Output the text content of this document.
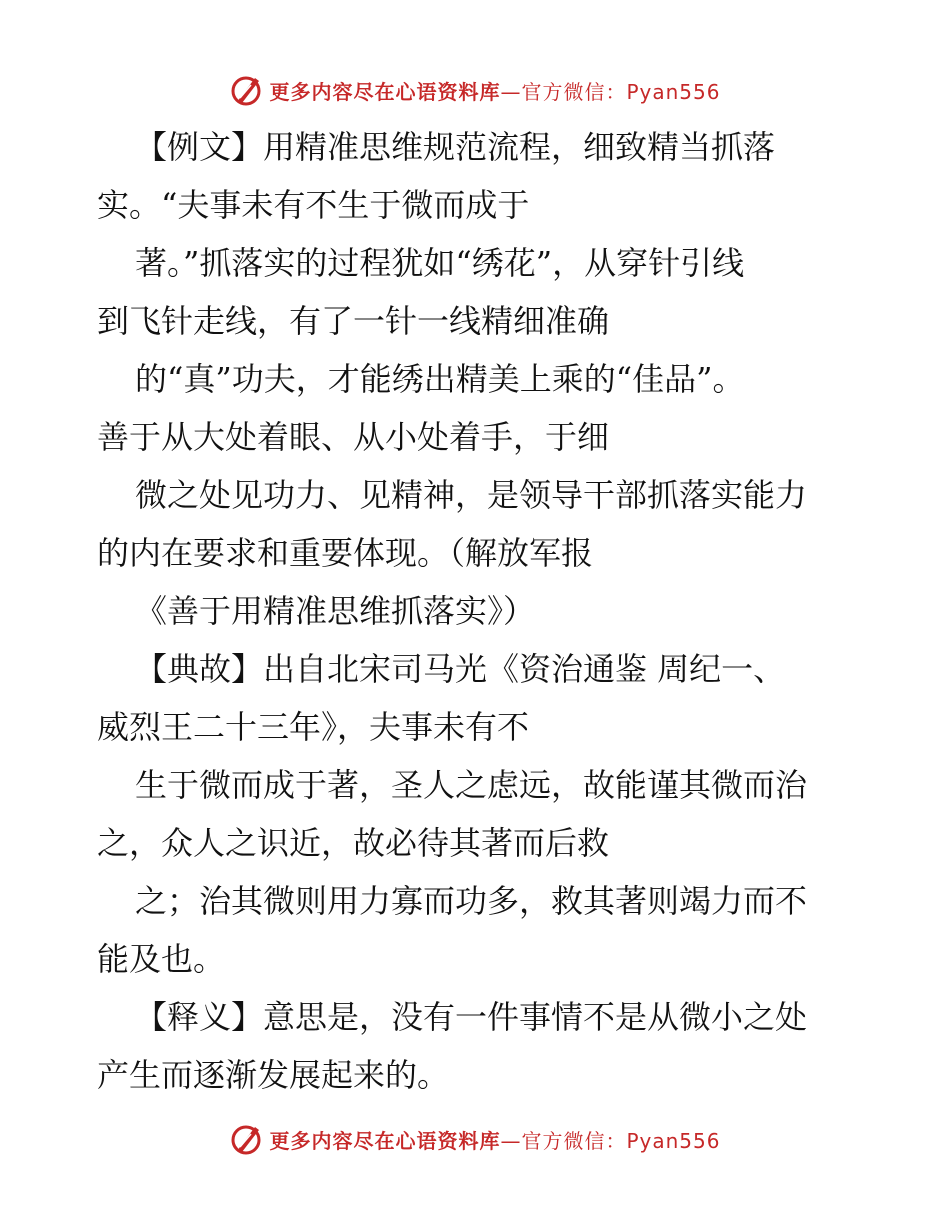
更多内容尽在心语资料库 —官方微信：Pyan556
【例文】用精准思维规范流程，细致精当抓落
实。“夫事未有不生于微而成于
著。”抓落实的过程犹如“绣花”，从穿针引线
到飞针走线，有了一针一线精细准确
的“真”功夫，才能绣出精美上乘的“佳品”。
善于从大处着眼、从小处着手，于细
微之处见功力、见精神，是领导干部抓落实能力
的内在要求和重要体现。（解放军报
《善于用精准思维抓落实》）
【典故】出自北宋司马光《资治通鉴 周纪一、
威烈王二十三年》，夫事未有不
生于微而成于著，圣人之虑远，故能谨其微而治
之，众人之识近，故必待其著而后救
之；治其微则用力寡而功多，救其著则竭力而不
能及也。
【释义】意思是，没有一件事情不是从微小之处
产生而逐渐发展起来的。
更多内容尽在心语资料库 —官方微信：Pyan556
